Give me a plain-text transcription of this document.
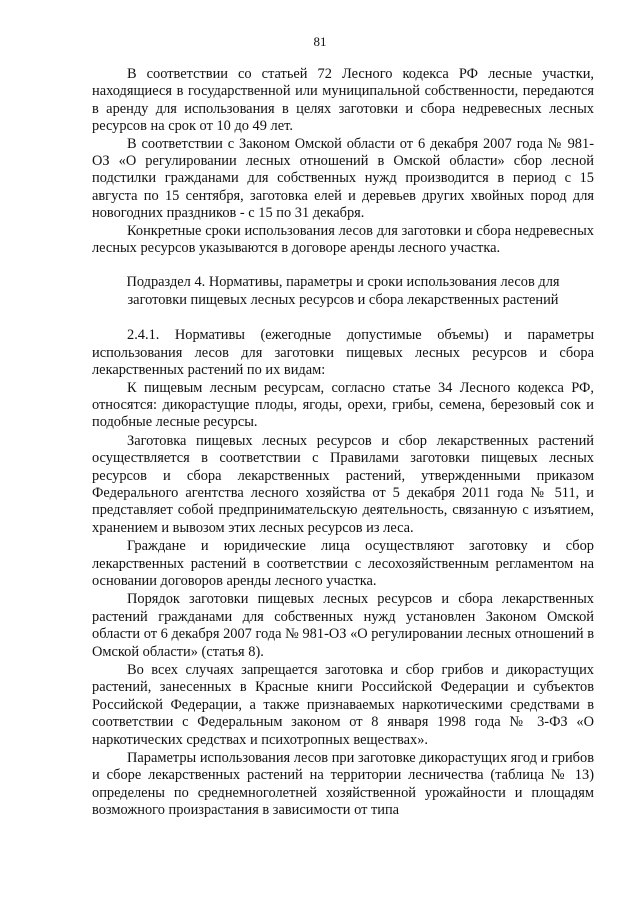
81

В соответствии со статьей 72 Лесного кодекса РФ лесные участки, находящиеся в государственной или муниципальной собственности, передаются в аренду для использования в целях заготовки и сбора недревесных лесных ресурсов на срок от 10 до 49 лет.

В соответствии с Законом Омской области от 6 декабря 2007 года № 981-ОЗ «О регулировании лесных отношений в Омской области» сбор лесной подстилки гражданами для собственных нужд производится в период с 15 августа по 15 сентября, заготовка елей и деревьев других хвойных пород для новогодних праздников - с 15 по 31 декабря.

Конкретные сроки использования лесов для заготовки и сбора недревесных лесных ресурсов указываются в договоре аренды лесного участка.

Подраздел 4. Нормативы, параметры и сроки использования лесов для заготовки пищевых лесных ресурсов и сбора лекарственных растений

2.4.1. Нормативы (ежегодные допустимые объемы) и параметры использования лесов для заготовки пищевых лесных ресурсов и сбора лекарственных растений по их видам:

К пищевым лесным ресурсам, согласно статье 34 Лесного кодекса РФ, относятся: дикорастущие плоды, ягоды, орехи, грибы, семена, березовый сок и подобные лесные ресурсы.

Заготовка пищевых лесных ресурсов и сбор лекарственных растений осуществляется в соответствии с Правилами заготовки пищевых лесных ресурсов и сбора лекарственных растений, утвержденными приказом Федерального агентства лесного хозяйства от 5 декабря 2011 года № 511, и представляет собой предпринимательскую деятельность, связанную с изъятием, хранением и вывозом этих лесных ресурсов из леса.

Граждане и юридические лица осуществляют заготовку и сбор лекарственных растений в соответствии с лесохозяйственным регламентом на основании договоров аренды лесного участка.

Порядок заготовки пищевых лесных ресурсов и сбора лекарственных растений гражданами для собственных нужд установлен Законом Омской области от 6 декабря 2007 года № 981-ОЗ «О регулировании лесных отношений в Омской области» (статья 8).

Во всех случаях запрещается заготовка и сбор грибов и дикорастущих растений, занесенных в Красные книги Российской Федерации и субъектов Российской Федерации, а также признаваемых наркотическими средствами в соответствии с Федеральным законом от 8 января 1998 года № 3-ФЗ «О наркотических средствах и психотропных веществах».

Параметры использования лесов при заготовке дикорастущих ягод и грибов и сборе лекарственных растений на территории лесничества (таблица № 13) определены по среднемноголетней хозяйственной урожайности и площадям возможного произрастания в зависимости от типа
